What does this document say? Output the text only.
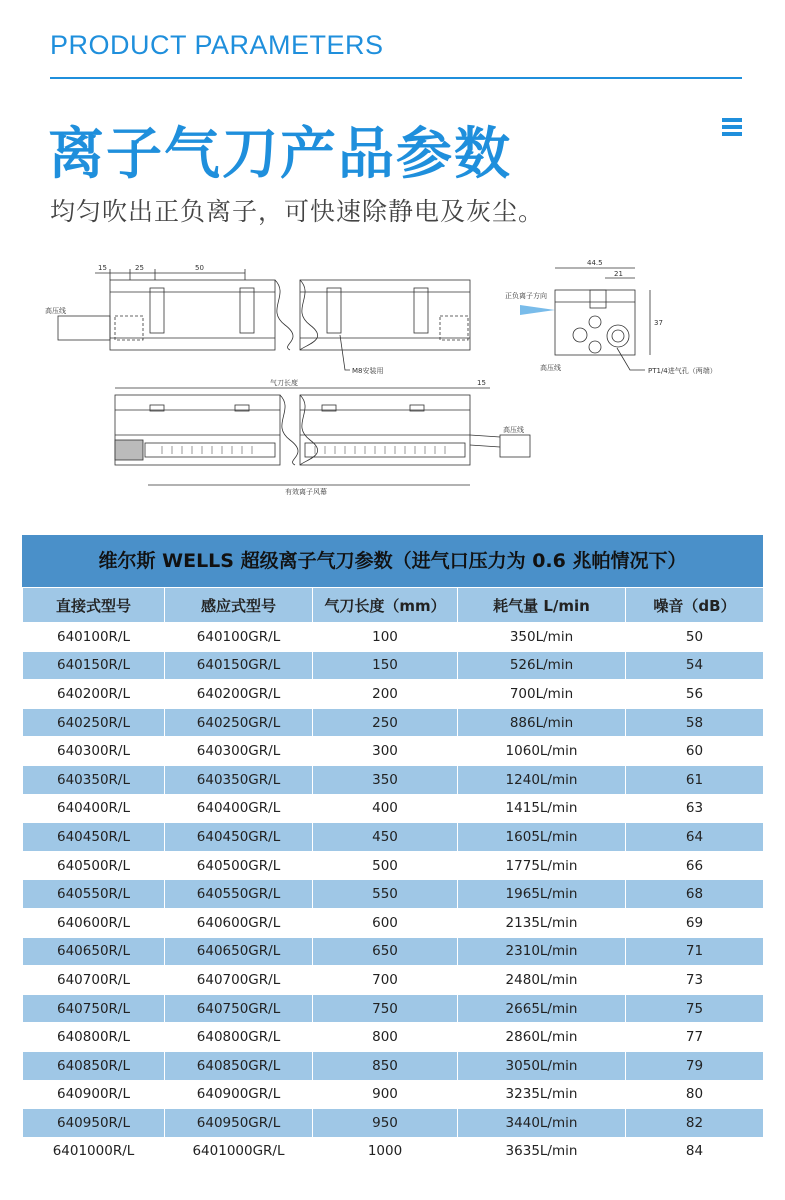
PRODUCT PARAMETERS
离子气刀产品参数
均匀吹出正负离子，可快速除静电及灰尘。
15	25	50
高压线
M8安装用
气刀长度	15
高压线
有效离子风幕
44.5
21
37
正负离子方向
高压线	PT1/4进气孔（两端）
维尔斯 WELLS 超级离子气刀参数（进气口压力为 0.6 兆帕情况下）
直接式型号	感应式型号	气刀长度（mm）	耗气量 L/min	噪音（dB）
640100R/L	640100GR/L	100	350L/min	50
640150R/L	640150GR/L	150	526L/min	54
640200R/L	640200GR/L	200	700L/min	56
640250R/L	640250GR/L	250	886L/min	58
640300R/L	640300GR/L	300	1060L/min	60
640350R/L	640350GR/L	350	1240L/min	61
640400R/L	640400GR/L	400	1415L/min	63
640450R/L	640450GR/L	450	1605L/min	64
640500R/L	640500GR/L	500	1775L/min	66
640550R/L	640550GR/L	550	1965L/min	68
640600R/L	640600GR/L	600	2135L/min	69
640650R/L	640650GR/L	650	2310L/min	71
640700R/L	640700GR/L	700	2480L/min	73
640750R/L	640750GR/L	750	2665L/min	75
640800R/L	640800GR/L	800	2860L/min	77
640850R/L	640850GR/L	850	3050L/min	79
640900R/L	640900GR/L	900	3235L/min	80
640950R/L	640950GR/L	950	3440L/min	82
6401000R/L	6401000GR/L	1000	3635L/min	84
